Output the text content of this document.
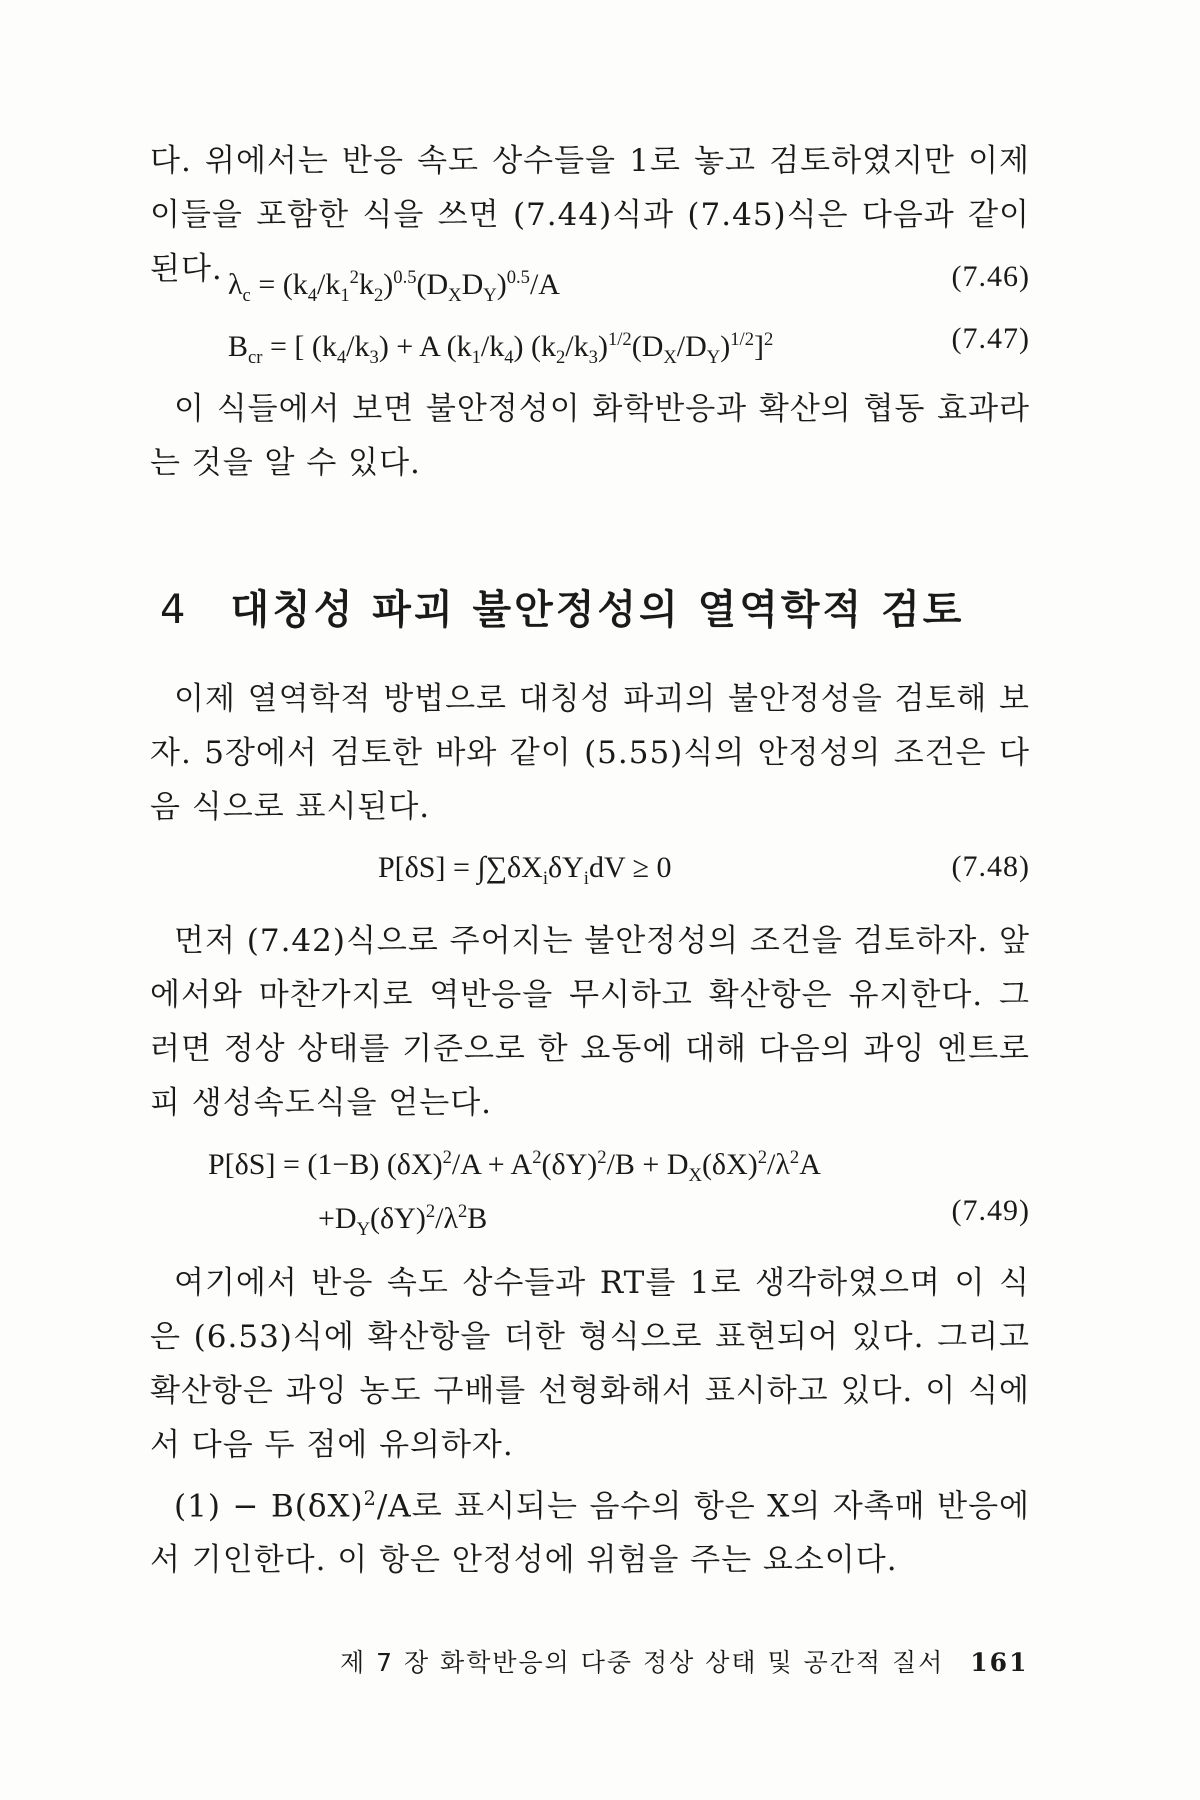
다. 위에서는 반응 속도 상수들을 1로 놓고 검토하였지만 이제 이들을 포함한 식을 쓰면 (7.44)식과 (7.45)식은 다음과 같이 된다. $\lambda_c = (k_4/k_1^2k_2)^{0.5}(D_XD_Y)^{0.5}/A$	(7.46)
$B_{cr}$ = [ $(k_4/k_3) + A$ $(k_1/k_4)$ $(k_2/k_3)^{1/2}(D_X/D_Y)^{1/2}]^2$	(7.47)

이 식들에서 보면 불안정성이 화학반응과 확산의 협동 효과라는 것을 알 수 있다.

4 대칭성 파괴 불안정성의 열역학적 검토

이제 열역학적 방법으로 대칭성 파괴의 불안정성을 검토해 보자. 5장에서 검토한 바와 같이 (5.55)식의 안정성의 조건은 다음 식으로 표시된다.

$P[\delta S] = \int\sum\delta X_i\delta Y_idV \ge 0$	(7.48)

먼저 (7.42)식으로 주어지는 불안정성의 조건을 검토하자. 앞에서와 마찬가지로 역반응을 무시하고 확산항은 유지한다. 그러면 정상 상태를 기준으로 한 요동에 대해 다음의 과잉 엔트로피 생성속도식을 얻는다.

P[δS] = (1−B) $(\delta X)^2/A + A^2(\delta Y)^2/B + D_X(\delta X)^2/\lambda^2A$
$+D_Y(\delta Y)^2/\lambda^2B$	(7.49)

여기에서 반응 속도 상수들과 RT를 1로 생각하였으며 이 식은 (6.53)식에 확산항을 더한 형식으로 표현되어 있다. 그리고 확산항은 과잉 농도 구배를 선형화해서 표시하고 있다. 이 식에서 다음 두 점에 유의하자.

$(1) - B(\delta X)^2/A$로 표시되는 음수의 항은 X의 자촉매 반응에서 기인한다. 이 항은 안정성에 위험을 주는 요소이다.

제 7 장 화학반응의 다중 정상 상태 및 공간적 질서 161
